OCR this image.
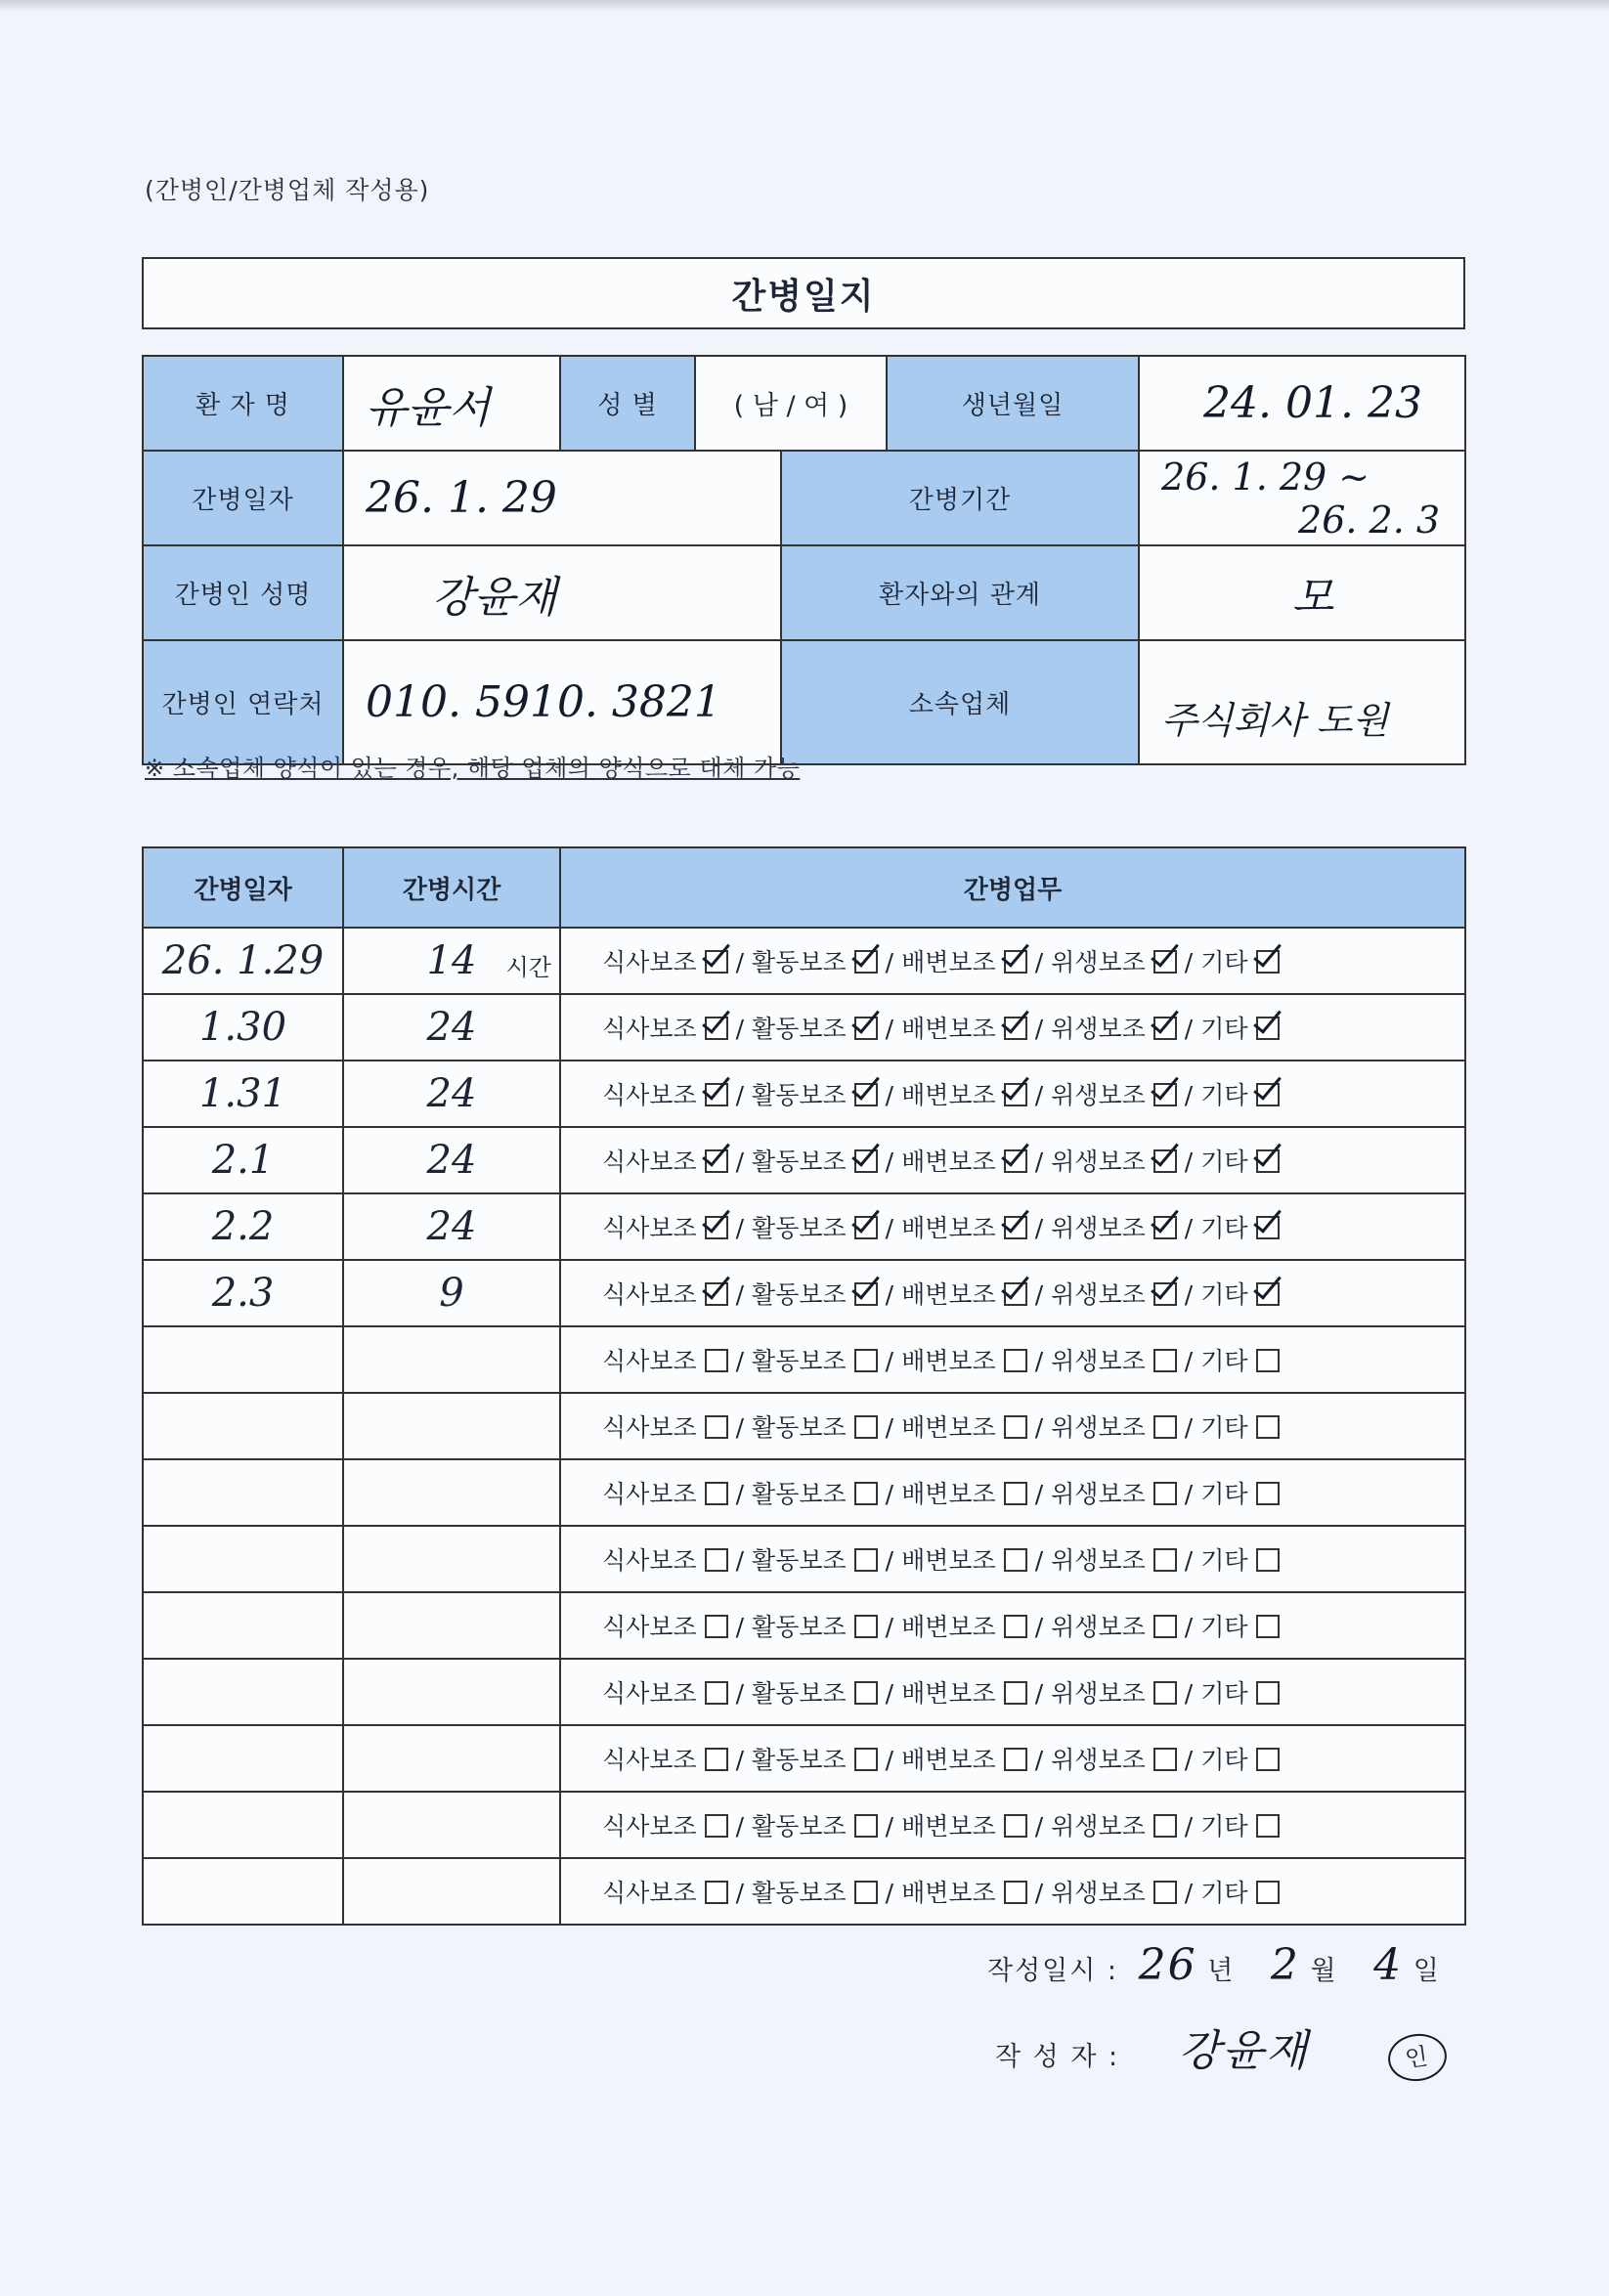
(간병인/간병업체 작성용)
간병일지
환 자 명	유윤서	성 별	( 남 / 여 )		생년월일	24. 01. 23
간병일자	26. 1. 29			간병기간		26. 1. 29 ~
26. 2. 3

간병인 성명	강윤재			환자와의 관계		모
간병인 연락처	010. 5910. 3821			소속업체		주식회사 도원
※ 소속업체 양식이 있는 경우, 해당 업체의 양식으로 대체 가능
간병일자	간병시간	간병업무
26. 1.29	14 시간	식사보조 / 활동보조 / 배변보조 / 위생보조 / 기타
1.30	24	식사보조 / 활동보조 / 배변보조 / 위생보조 / 기타
1.31	24	식사보조 / 활동보조 / 배변보조 / 위생보조 / 기타
2.1	24	식사보조 / 활동보조 / 배변보조 / 위생보조 / 기타
2.2	24	식사보조 / 활동보조 / 배변보조 / 위생보조 / 기타
2.3	9	식사보조 / 활동보조 / 배변보조 / 위생보조 / 기타
		식사보조 / 활동보조 / 배변보조 / 위생보조 / 기타
		식사보조 / 활동보조 / 배변보조 / 위생보조 / 기타
		식사보조 / 활동보조 / 배변보조 / 위생보조 / 기타
		식사보조 / 활동보조 / 배변보조 / 위생보조 / 기타
		식사보조 / 활동보조 / 배변보조 / 위생보조 / 기타
		식사보조 / 활동보조 / 배변보조 / 위생보조 / 기타
		식사보조 / 활동보조 / 배변보조 / 위생보조 / 기타
		식사보조 / 활동보조 / 배변보조 / 위생보조 / 기타
		식사보조 / 활동보조 / 배변보조 / 위생보조 / 기타
작성일시 : 26 년 2 월 4 일
작 성 자 : 강윤재	인
